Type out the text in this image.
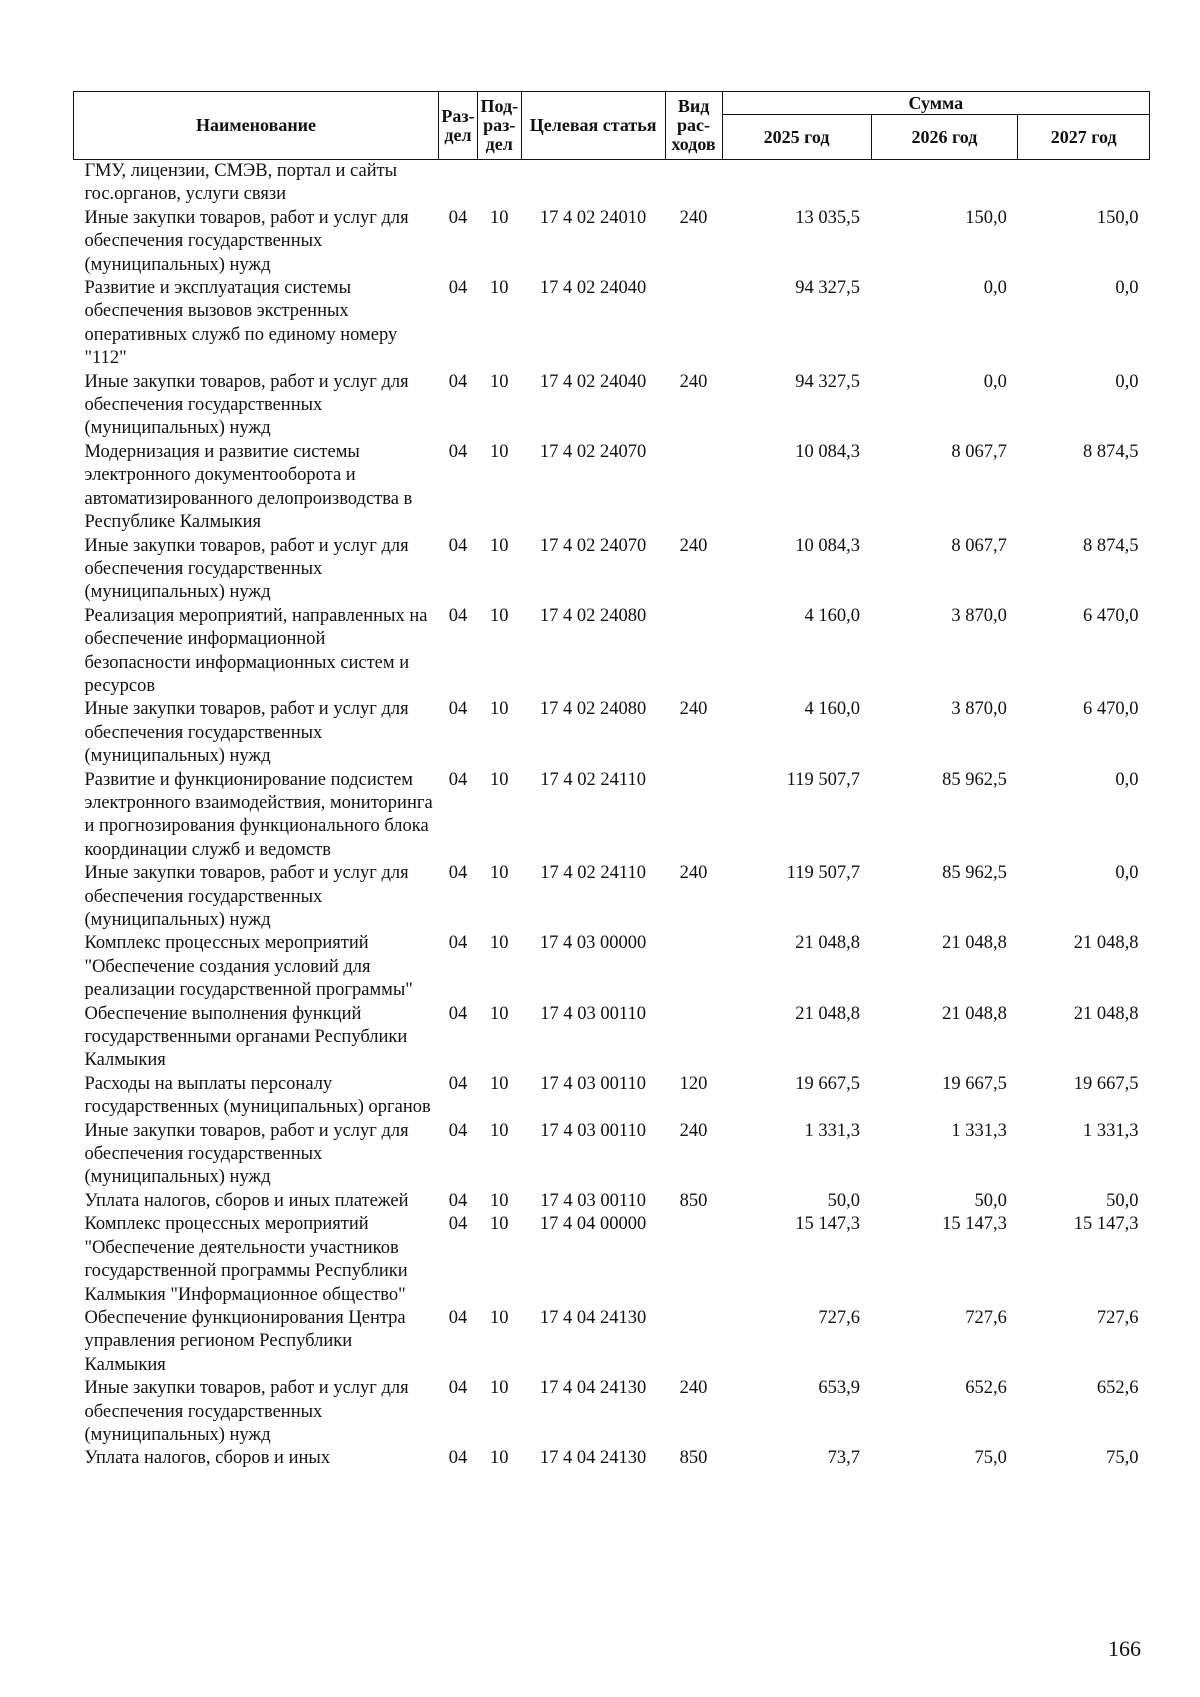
Наименование	Раз-дел	Под-раз-дел	Целевая статья	Вид рас-ходов	Сумма		
					2025 год	2026 год	2027 год
ГМУ, лицензии, СМЭВ, портал и сайты гос.органов, услуги связи							
Иные закупки товаров, работ и услуг для обеспечения государственных (муниципальных) нужд	04	10	17 4 02 24010	240	13 035,5	150,0	150,0
Развитие и эксплуатация системы обеспечения вызовов экстренных оперативных служб по единому номеру "112"	04	10	17 4 02 24040		94 327,5	0,0	0,0
Иные закупки товаров, работ и услуг для обеспечения государственных (муниципальных) нужд	04	10	17 4 02 24040	240	94 327,5	0,0	0,0
Модернизация и развитие системы электронного документооборота и автоматизированного делопроизводства в Республике Калмыкия	04	10	17 4 02 24070		10 084,3	8 067,7	8 874,5
Иные закупки товаров, работ и услуг для обеспечения государственных (муниципальных) нужд	04	10	17 4 02 24070	240	10 084,3	8 067,7	8 874,5
Реализация мероприятий, направленных на обеспечение информационной безопасности информационных систем и ресурсов	04	10	17 4 02 24080		4 160,0	3 870,0	6 470,0
Иные закупки товаров, работ и услуг для обеспечения государственных (муниципальных) нужд	04	10	17 4 02 24080	240	4 160,0	3 870,0	6 470,0
Развитие и функционирование подсистем электронного взаимодействия, мониторинга и прогнозирования функционального блока координации служб и ведомств	04	10	17 4 02 24110		119 507,7	85 962,5	0,0
Иные закупки товаров, работ и услуг для обеспечения государственных (муниципальных) нужд	04	10	17 4 02 24110	240	119 507,7	85 962,5	0,0
Комплекс процессных мероприятий "Обеспечение создания условий для реализации государственной программы"	04	10	17 4 03 00000		21 048,8	21 048,8	21 048,8
Обеспечение выполнения функций государственными органами Республики Калмыкия	04	10	17 4 03 00110		21 048,8	21 048,8	21 048,8
Расходы на выплаты персоналу государственных (муниципальных) органов	04	10	17 4 03 00110	120	19 667,5	19 667,5	19 667,5
Иные закупки товаров, работ и услуг для обеспечения государственных (муниципальных) нужд	04	10	17 4 03 00110	240	1 331,3	1 331,3	1 331,3
Уплата налогов, сборов и иных платежей	04	10	17 4 03 00110	850	50,0	50,0	50,0
Комплекс процессных мероприятий "Обеспечение деятельности участников государственной программы Республики Калмыкия "Информационное общество"	04	10	17 4 04 00000		15 147,3	15 147,3	15 147,3
Обеспечение функционирования Центра управления регионом Республики Калмыкия	04	10	17 4 04 24130		727,6	727,6	727,6
Иные закупки товаров, работ и услуг для обеспечения государственных (муниципальных) нужд	04	10	17 4 04 24130	240	653,9	652,6	652,6
Уплата налогов, сборов и иных	04	10	17 4 04 24130	850	73,7	75,0	75,0
166
